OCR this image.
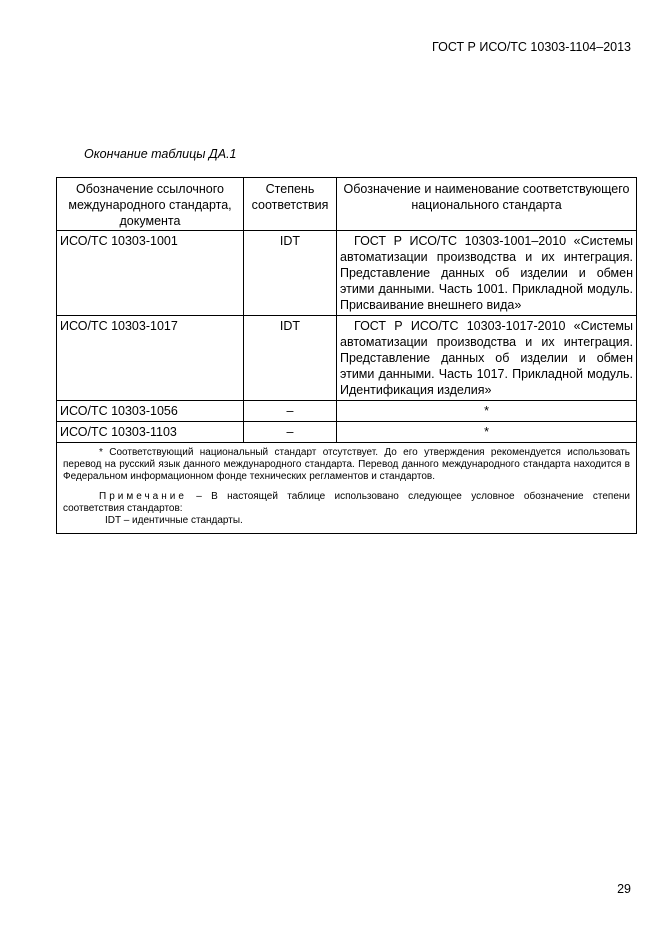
ГОСТ Р ИСО/ТС 10303-1104–2013
Окончание таблицы ДА.1
Обозначение ссылочного международного стандарта, документа	Степень соответствия	Обозначение и наименование соответствующего национального стандарта
ИСО/ТС 10303-1001	IDT	ГОСТ Р ИСО/ТС 10303-1001–2010 «Системы автоматизации производства и их интеграция. Представление данных об изделии и обмен этими данными. Часть 1001. Прикладной модуль. Присваивание внешнего вида»
ИСО/ТС 10303-1017	IDT	ГОСТ Р ИСО/ТС 10303-1017-2010 «Системы автоматизации производства и их интеграция. Представление данных об изделии и обмен этими данными. Часть 1017. Прикладной модуль. Идентификация изделия»
ИСО/ТС 10303-1056	–	*
ИСО/ТС 10303-1103	–	*

* Соответствующий национальный стандарт отсутствует. До его утверждения рекомендуется использовать перевод на русский язык данного международного стандарта. Перевод данного международного стандарта находится в Федеральном информационном фонде технических регламентов и стандартов.

Примечание – В настоящей таблице использовано следующее условное обозначение степени соответствия стандартов:

IDT – идентичные стандарты.		

29
